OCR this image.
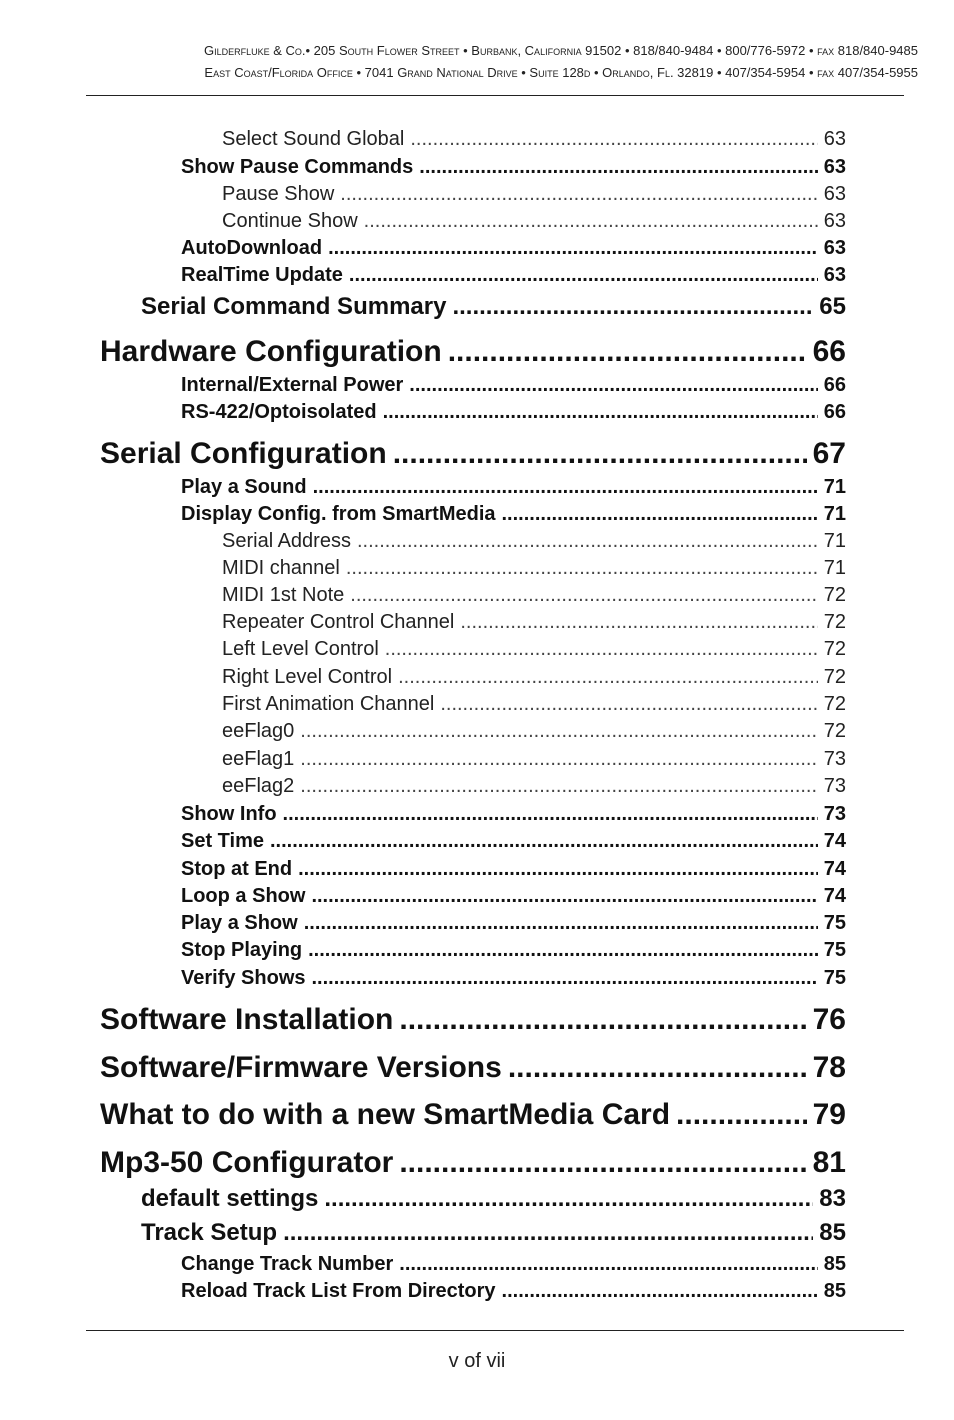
Gilderfluke & Co.• 205 South Flower Street • Burbank, California 91502 • 818/840-9484 • 800/776-5972 • fax 818/840-9485
East Coast/Florida Office • 7041 Grand National Drive • Suite 128d • Orlando, Fl. 32819 • 407/354-5954 • fax 407/354-5955
Select Sound Global .....	63
Show Pause Commands .....	63
Pause Show .....	63
Continue Show .....	63
AutoDownload .....	63
RealTime Update .....	63
Serial Command Summary .....	65
Hardware Configuration .....	66
Internal/External Power .....	66
RS-422/Optoisolated .....	66
Serial Configuration .....	67
Play a Sound .....	71
Display Config. from SmartMedia .....	71
Serial Address .....	71
MIDI channel .....	71
MIDI 1st Note .....	72
Repeater Control Channel .....	72
Left Level Control .....	72
Right Level Control .....	72
First Animation Channel .....	72
eeFlag0 .....	72
eeFlag1 .....	73
eeFlag2 .....	73
Show Info .....	73
Set Time .....	74
Stop at End .....	74
Loop a Show .....	74
Play a Show .....	75
Stop Playing .....	75
Verify Shows .....	75
Software Installation .....	76
Software/Firmware Versions .....	78
What to do with a new SmartMedia Card .....	79
Mp3-50 Configurator .....	81
default settings .....	83
Track Setup .....	85
Change Track Number .....	85
Reload Track List From Directory .....	85
v of vii
